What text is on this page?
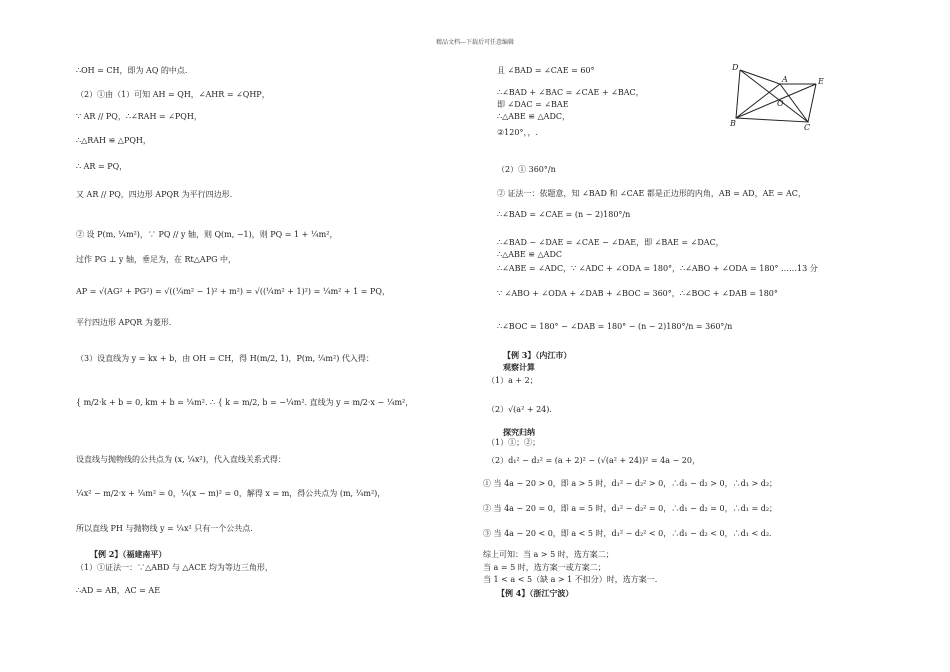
精品文档---下载后可任意编辑
∴OH = CH，即为 AQ 的中点.
（2）①由（1）可知 AH = QH，∠AHR = ∠QHP，
∵ AR // PQ，∴∠RAH = ∠PQH，
∴△RAH ≌ △PQH，
∴ AR = PQ，
又 AR // PQ，四边形 APQR 为平行四边形.
② 设 P(m, ¼m²)，∵ PQ // y 轴，则 Q(m, −1)，则 PQ = 1 + ¼m²，
过作 PG ⊥ y 轴，垂足为，在 Rt△APG 中，
AP = √(AG² + PG²) = √((¼m² − 1)² + m²) = √((¼m² + 1)²) = ¼m² + 1 = PQ，
平行四边形 APQR 为菱形.
（3）设直线为 y = kx + b，由 OH = CH，得 H(m/2, 1)，P(m, ¼m²) 代入得：
{ m/2·k + b = 0, km + b = ¼m². ∴ { k = m/2, b = −¼m². 直线为 y = m/2·x − ¼m²，
设直线与抛物线的公共点为 (x, ¼x²)，代入直线关系式得：
¼x² − m/2·x + ¼m² = 0，¼(x − m)² = 0，解得 x = m，得公共点为 (m, ¼m²)，
所以直线 PH 与抛物线 y = ¼x² 只有一个公共点.
【例 2】（福建南平）
（1）①证法一：∵△ABD 与 △ACE 均为等边三角形，
∴AD = AB，AC = AE
且 ∠BAD = ∠CAE = 60°
∴∠BAD + ∠BAC = ∠CAE + ∠BAC，
即 ∠DAC = ∠BAE
∴△ABE ≌ △ADC，
②120°，，.
（2）① 360°/n
② 证法一：依题意，知 ∠BAD 和 ∠CAE 都是正边形的内角，AB = AD，AE = AC，
∴∠BAD = ∠CAE = (n − 2)180°/n
∴∠BAD − ∠DAE = ∠CAE − ∠DAE，即 ∠BAE = ∠DAC，
∴△ABE ≌ △ADC
∴∠ABE = ∠ADC，∵ ∠ADC + ∠ODA = 180°，∴∠ABO + ∠ODA = 180° ……13 分
∵ ∠ABO + ∠ODA + ∠DAB + ∠BOC = 360°，∴∠BOC + ∠DAB = 180°
∴∠BOC = 180° − ∠DAB = 180° − (n − 2)180°/n = 360°/n
【例 3】（内江市）
观察计算
（1）a + 2；
（2）√(a² + 24)．
探究归纳
（1）①；②；
（2）d₁² − d₂² = (a + 2)² − (√(a² + 24))² = 4a − 20，
① 当 4a − 20 > 0，即 a > 5 时，d₁² − d₂² > 0，∴d₁ − d₂ > 0，∴d₁ > d₂；
② 当 4a − 20 = 0，即 a = 5 时，d₁² − d₂² = 0，∴d₁ − d₂ = 0，∴d₁ = d₂；
③ 当 4a − 20 < 0，即 a < 5 时，d₁² − d₂² < 0，∴d₁ − d₂ < 0，∴d₁ < d₂．
综上可知：当 a > 5 时，选方案二；
当 a = 5 时，选方案一或方案二；
当 1 < a < 5（缺 a > 1 不扣分）时，选方案一.
【例 4】（浙江宁波）
D
A	E
O
B	C
